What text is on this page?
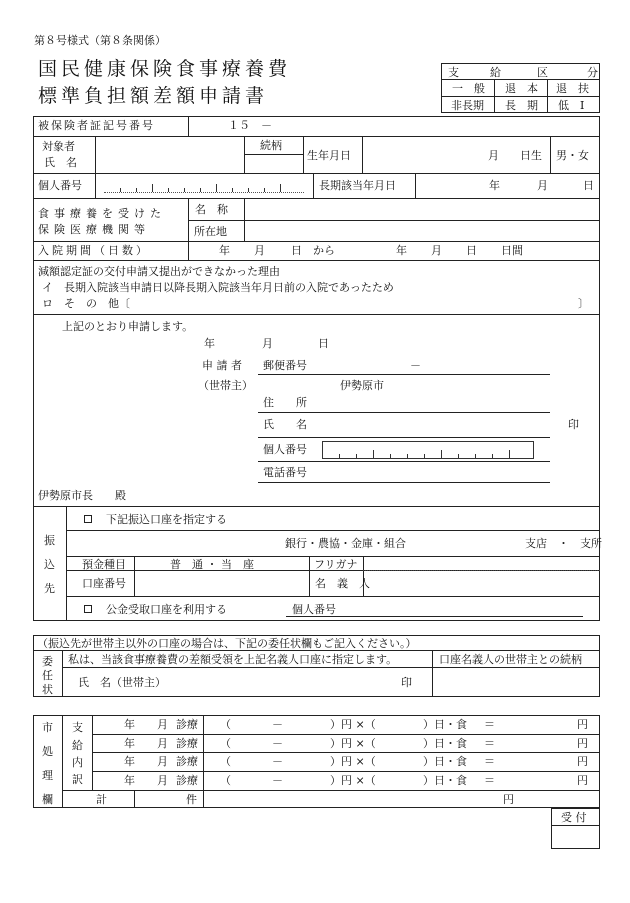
第８号様式（第８条関係）
国民健康保険食事療養費
標準負担額差額申請書
支	給	区	分
一　般 退　本 退　扶
非長期 長　期 低　Ⅰ
被保険者証記号番号	１５　－
対象者
氏　名
続柄
生年月日	月 日生 男・女
個人番号	長期該当年月日	年	月	日
食事療養を受けた
保険医療機関等
名　称
所在地
入院期間（日数）	年 月 日 から	年 月 日 日間
減額認定証の交付申請又提出ができなかった理由
イ　長期入院該当申請日以降長期入院該当年月日前の入院であったため
ロ　そ　の　他〔	〕
上記のとおり申請します。
年	月	日
申 請 者
（世帯主）
郵便番号	－
伊勢原市
住　　所
氏　　名	印
個人番号
電話番号
伊勢原市長　　殿
振
込
先
下記振込口座を指定する
銀行・農協・金庫・組合	支店　・　支所
預金種目	普　通 ・ 当　座	フリガナ
口座番号	名　義　人
公金受取口座を利用する	個人番号
（振込先が世帯主以外の口座の場合は、下記の委任状欄もご記入ください。）
委
任
状
私は、当該食事療養費の差額受領を上記名義人口座に指定します。	口座名義人の世帯主との続柄
氏　名（世帯主）	印
市
処
理
欄
支
給
内
訳
年　　月 診療 （	－	）円 ×（	）日・食 ＝	円
年　　月 診療 （	－	）円 ×（	）日・食 ＝	円
年　　月 診療 （	－	）円 ×（	）日・食 ＝	円
年　　月 診療 （	－	）円 ×（	）日・食 ＝	円
計	件	円
受 付
